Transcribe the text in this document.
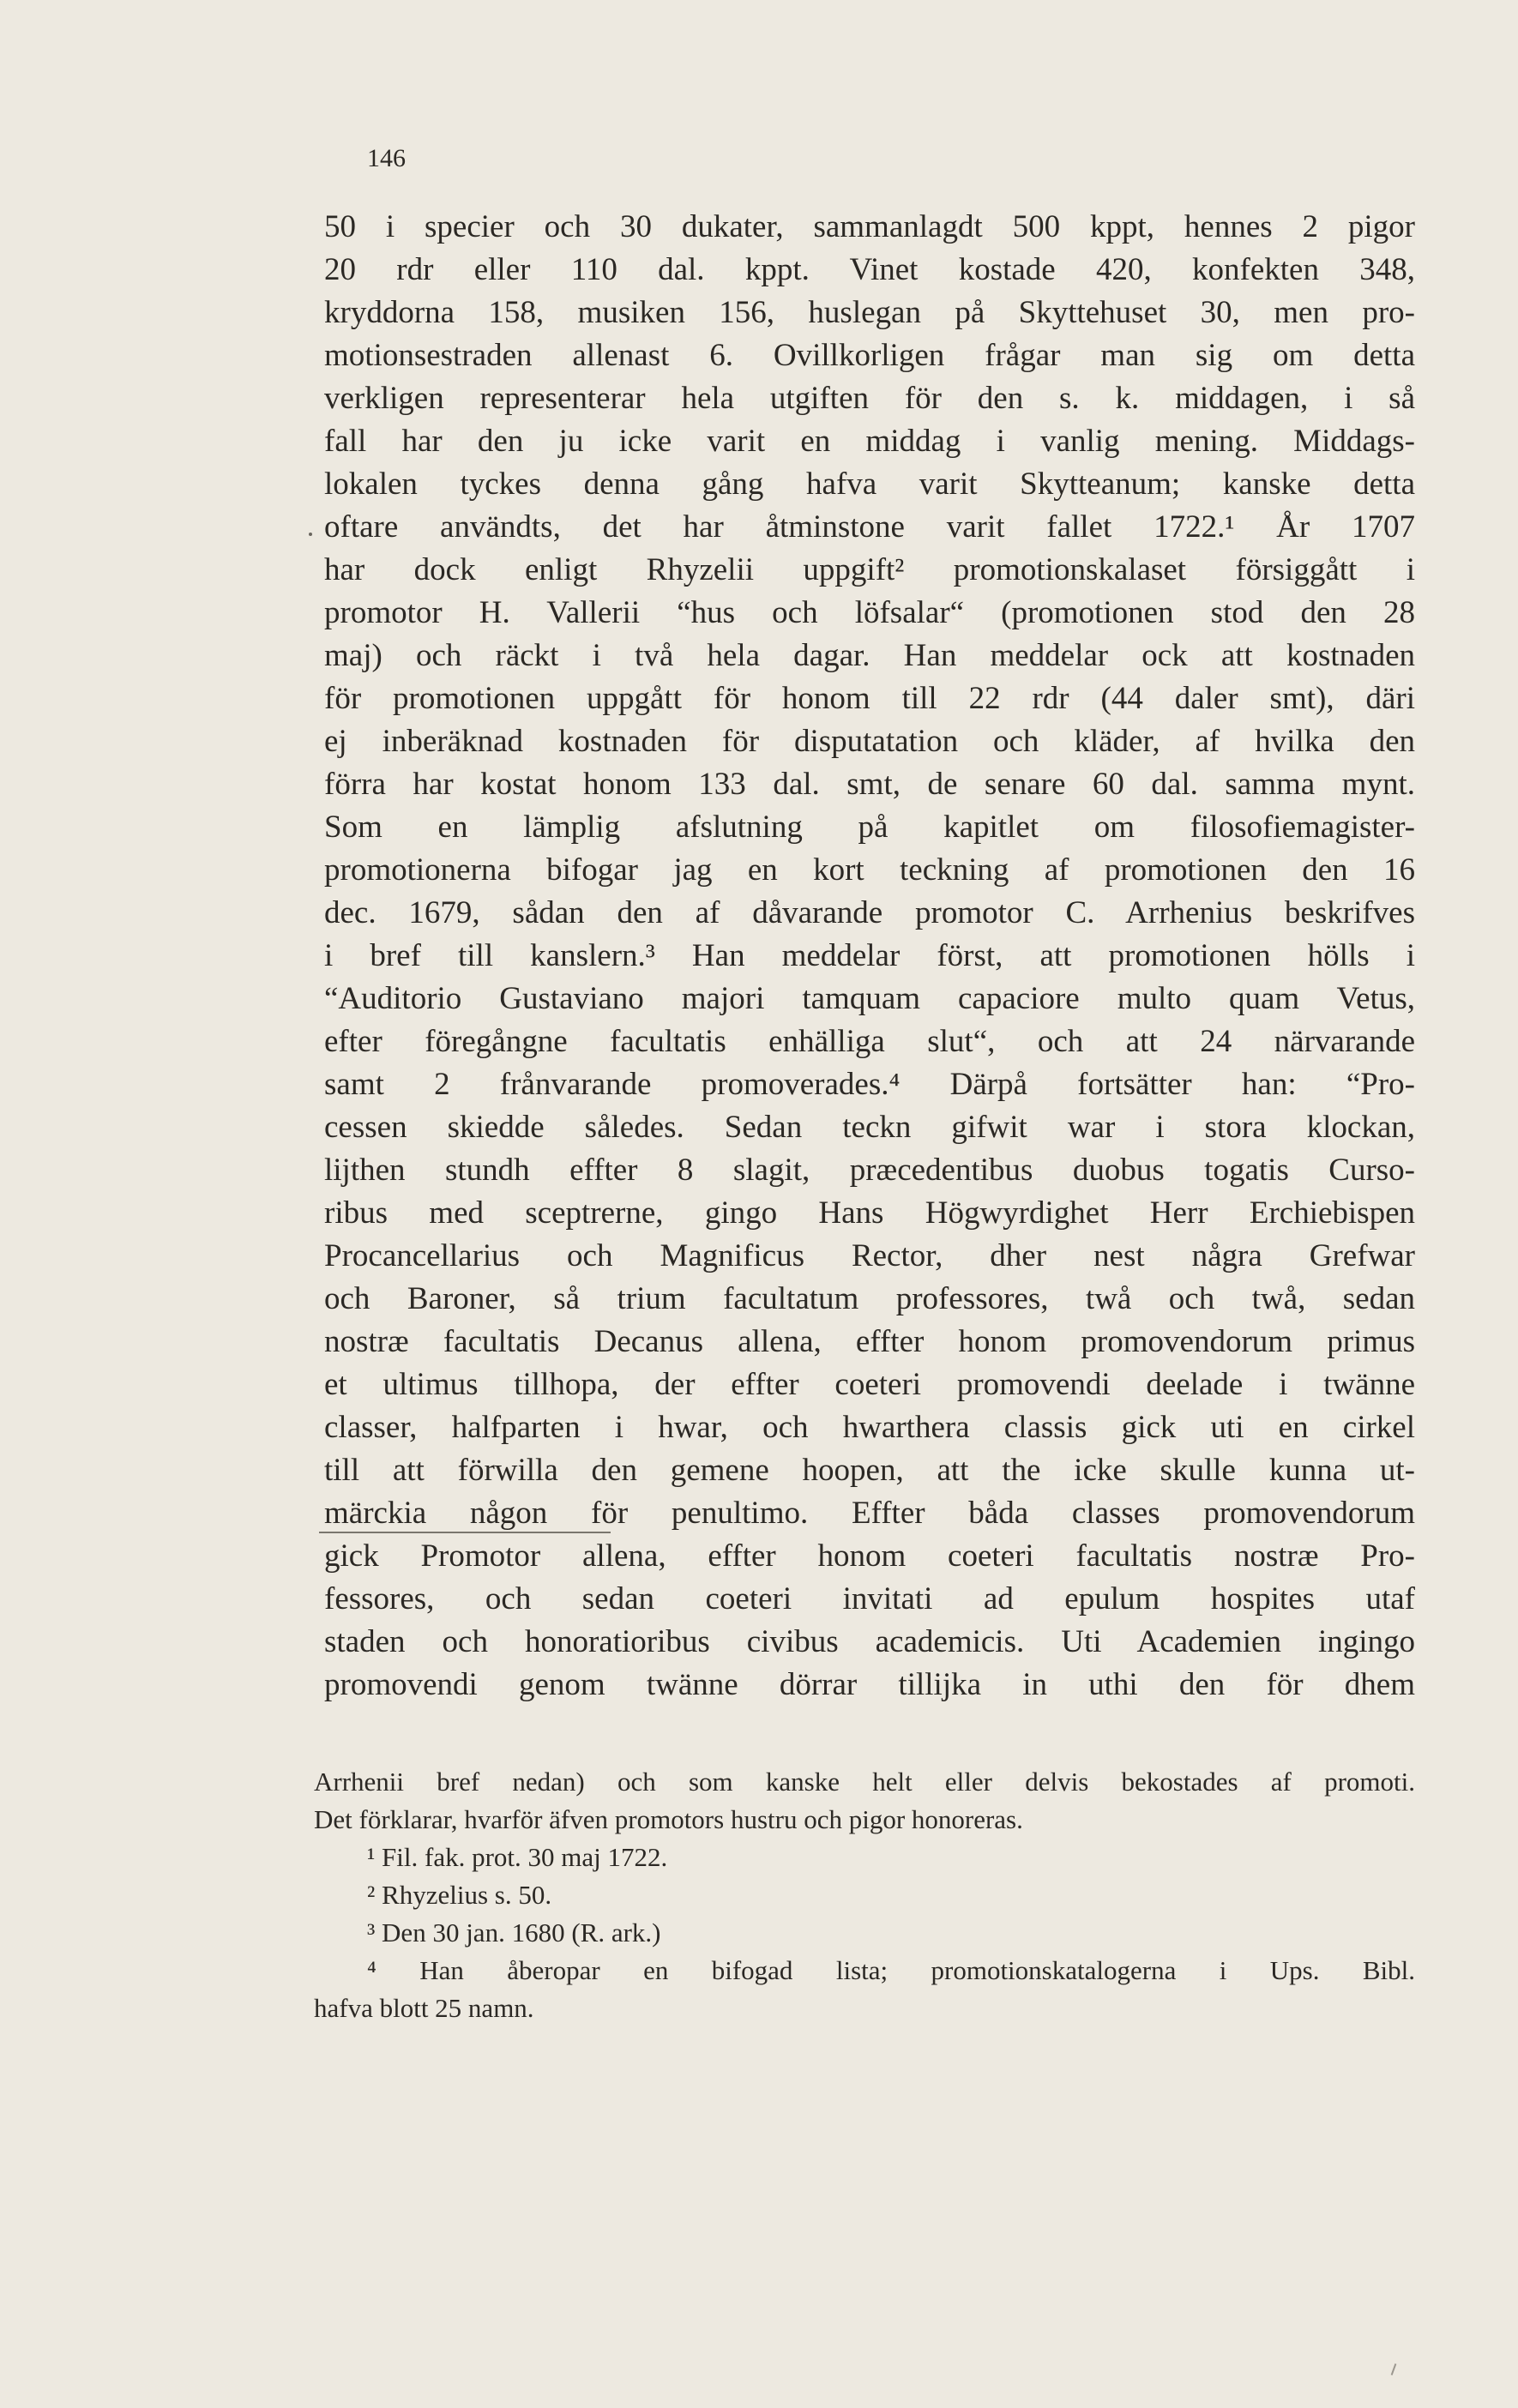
146
50 i specier och 30 dukater, sammanlagdt 500 kppt, hennes 2 pigor
20 rdr eller 110 dal. kppt. Vinet kostade 420, konfekten 348,
kryddorna 158, musiken 156, huslegan på Skyttehuset 30, men pro-
motionsestraden allenast 6. Ovillkorligen frågar man sig om detta
verkligen representerar hela utgiften för den s. k. middagen, i så
fall har den ju icke varit en middag i vanlig mening. Middags-
lokalen tyckes denna gång hafva varit Skytteanum; kanske detta
oftare användts, det har åtminstone varit fallet 1722.¹ År 1707
har dock enligt Rhyzelii uppgift² promotionskalaset försiggått i
promotor H. Vallerii “hus och löfsalar“ (promotionen stod den 28
maj) och räckt i två hela dagar. Han meddelar ock att kostnaden
för promotionen uppgått för honom till 22 rdr (44 daler smt), däri
ej inberäknad kostnaden för disputatation och kläder, af hvilka den
förra har kostat honom 133 dal. smt, de senare 60 dal. samma mynt.
Som en lämplig afslutning på kapitlet om filosofiemagister-
promotionerna bifogar jag en kort teckning af promotionen den 16
dec. 1679, sådan den af dåvarande promotor C. Arrhenius beskrifves
i bref till kanslern.³ Han meddelar först, att promotionen hölls i
“Auditorio Gustaviano majori tamquam capaciore multo quam Vetus,
efter föregångne facultatis enhälliga slut“, och att 24 närvarande
samt 2 frånvarande promoverades.⁴ Därpå fortsätter han: “Pro-
cessen skiedde således. Sedan teckn gifwit war i stora klockan,
lijthen stundh effter 8 slagit, præcedentibus duobus togatis Curso-
ribus med sceptrerne, gingo Hans Högwyrdighet Herr Erchiebispen
Procancellarius och Magnificus Rector, dher nest några Grefwar
och Baroner, så trium facultatum professores, twå och twå, sedan
nostræ facultatis Decanus allena, effter honom promovendorum primus
et ultimus tillhopa, der effter coeteri promovendi deelade i twänne
classer, halfparten i hwar, och hwarthera classis gick uti en cirkel
till att förwilla den gemene hoopen, att the icke skulle kunna ut-
märckia någon för penultimo. Effter båda classes promovendorum
gick Promotor allena, effter honom coeteri facultatis nostræ Pro-
fessores, och sedan coeteri invitati ad epulum hospites utaf
staden och honoratioribus civibus academicis. Uti Academien ingingo
promovendi genom twänne dörrar tillijka in uthi den för dhem
Arrhenii bref nedan) och som kanske helt eller delvis bekostades af promoti.
Det förklarar, hvarför äfven promotors hustru och pigor honoreras.
¹ Fil. fak. prot. 30 maj 1722.
² Rhyzelius s. 50.
³ Den 30 jan. 1680 (R. ark.)
⁴ Han åberopar en bifogad lista; promotionskatalogerna i Ups. Bibl.
hafva blott 25 namn.
